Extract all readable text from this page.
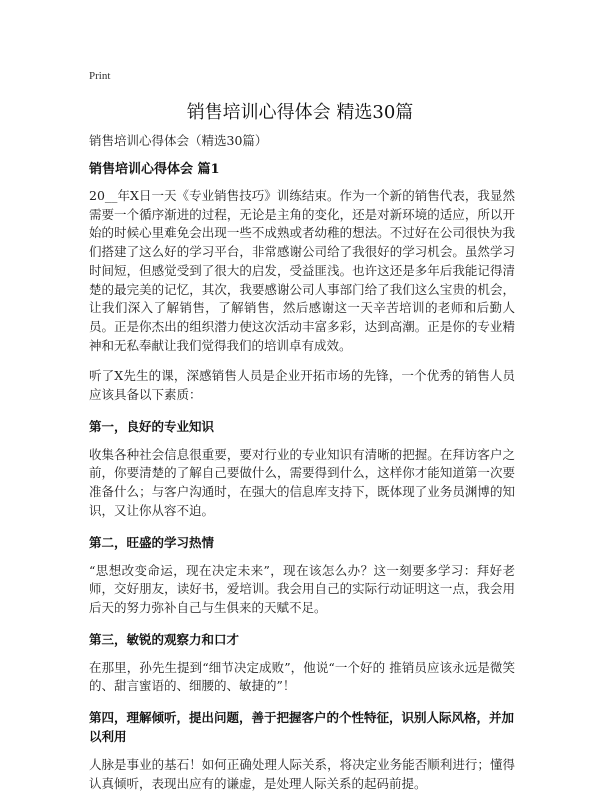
Print
销售培训心得体会 精选30篇
销售培训心得体会（精选30篇）
销售培训心得体会 篇1
20__年X日一天《专业销售技巧》训练结束。作为一个新的销售代表，我显然需要一个循序渐进的过程，无论是主角的变化，还是对新环境的适应，所以开始的时候心里难免会出现一些不成熟或者幼稚的想法。不过好在公司很快为我们搭建了这么好的学习平台，非常感谢公司给了我很好的学习机会。虽然学习时间短，但感觉受到了很大的启发，受益匪浅。也许这还是多年后我能记得清楚的最完美的记忆，其次，我要感谢公司人事部门给了我们这么宝贵的机会，让我们深入了解销售，了解销售，然后感谢这一天辛苦培训的老师和后勤人员。正是你杰出的组织潜力使这次活动丰富多彩，达到高潮。正是你的专业精神和无私奉献让我们觉得我们的培训卓有成效。
听了X先生的课，深感销售人员是企业开拓市场的先锋，一个优秀的销售人员应该具备以下素质：
第一，良好的专业知识
收集各种社会信息很重要，要对行业的专业知识有清晰的把握。在拜访客户之前，你要清楚的了解自己要做什么，需要得到什么，这样你才能知道第一次要准备什么；与客户沟通时，在强大的信息库支持下，既体现了业务员渊博的知识，又让你从容不迫。
第二，旺盛的学习热情
“思想改变命运，现在决定未来”，现在该怎么办？这一刻要多学习：拜好老师，交好朋友，读好书，爱培训。我会用自己的实际行动证明这一点，我会用后天的努力弥补自己与生俱来的天赋不足。
第三，敏锐的观察力和口才
在那里，孙先生提到“细节决定成败”，他说“一个好的 推销员应该永远是微笑的、甜言蜜语的、细腰的、敏捷的”！
第四，理解倾听，提出问题，善于把握客户的个性特征，识别人际风格，并加以利用
人脉是事业的基石！如何正确处理人际关系，将决定业务能否顺利进行；懂得认真倾听，表现出应有的谦虚，是处理人际关系的起码前提。
